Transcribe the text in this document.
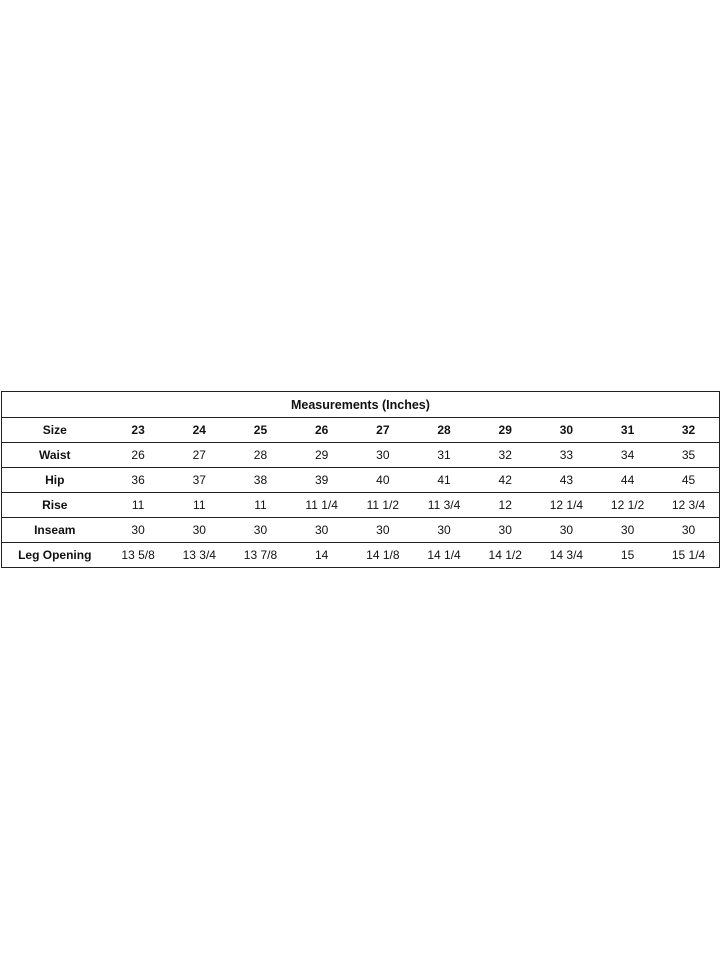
Measurements (Inches)										
Size	23	24	25	26	27	28	29	30	31	32
Waist	26	27	28	29	30	31	32	33	34	35
Hip	36	37	38	39	40	41	42	43	44	45
Rise	11	11	11	11 1/4	11 1/2	11 3/4	12	12 1/4	12 1/2	12 3/4
Inseam	30	30	30	30	30	30	30	30	30	30
Leg Opening	13 5/8	13 3/4	13 7/8	14	14 1/8	14 1/4	14 1/2	14 3/4	15	15 1/4
